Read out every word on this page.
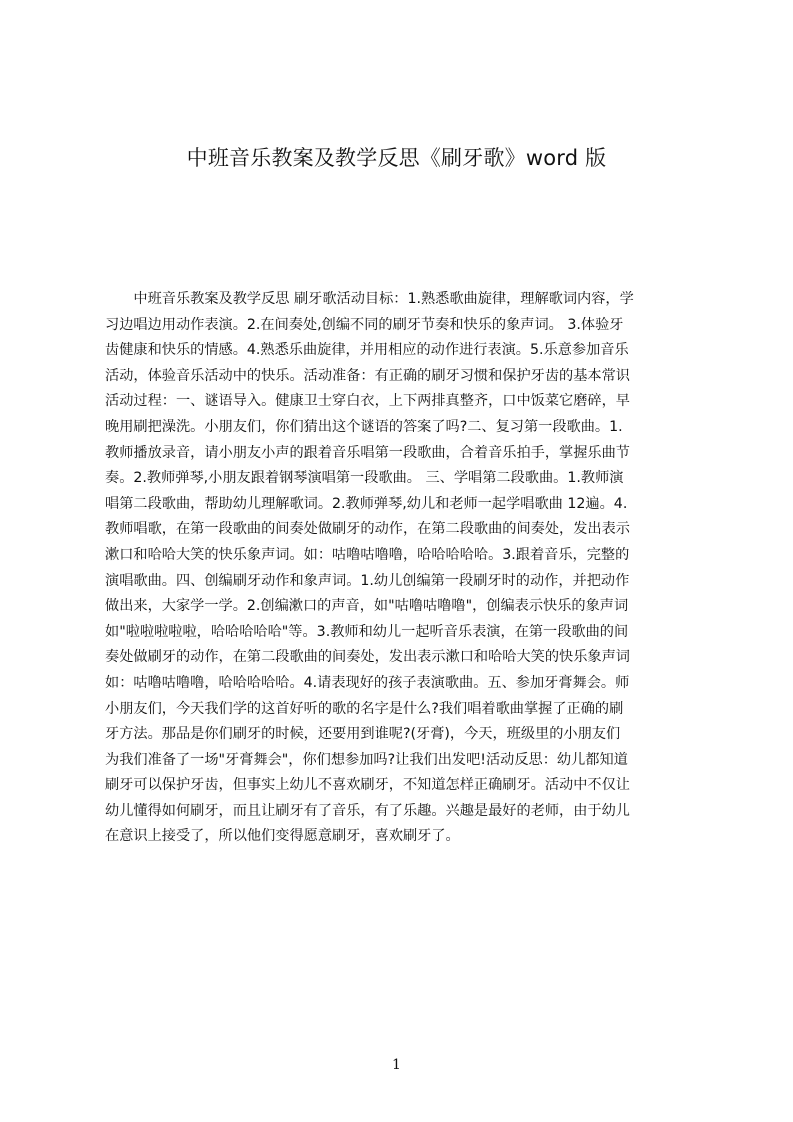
中班音乐教案及教学反思《刷牙歌》word 版
　　中班音乐教案及教学反思 刷牙歌活动目标：1.熟悉歌曲旋律，理解歌词内容，学
习边唱边用动作表演。2.在间奏处,创编不同的刷牙节奏和快乐的象声词。 3.体验牙
齿健康和快乐的情感。4.熟悉乐曲旋律，并用相应的动作进行表演。5.乐意参加音乐
活动，体验音乐活动中的快乐。活动准备：有正确的刷牙习惯和保护牙齿的基本常识
活动过程：一、谜语导入。健康卫士穿白衣，上下两排真整齐，口中饭菜它磨碎，早
晚用刷把澡洗。小朋友们，你们猜出这个谜语的答案了吗?二、复习第一段歌曲。1.
教师播放录音，请小朋友小声的跟着音乐唱第一段歌曲，合着音乐拍手，掌握乐曲节
奏。2.教师弹琴,小朋友跟着钢琴演唱第一段歌曲。 三、学唱第二段歌曲。1.教师演
唱第二段歌曲，帮助幼儿理解歌词。2.教师弹琴,幼儿和老师一起学唱歌曲 12遍。4.
教师唱歌，在第一段歌曲的间奏处做刷牙的动作，在第二段歌曲的间奏处，发出表示
漱口和哈哈大笑的快乐象声词。如：咕噜咕噜噜，哈哈哈哈哈。3.跟着音乐，完整的
演唱歌曲。四、创编刷牙动作和象声词。1.幼儿创编第一段刷牙时的动作，并把动作
做出来，大家学一学。2.创编漱口的声音，如"咕噜咕噜噜"，创编表示快乐的象声词
如"啦啦啦啦啦，哈哈哈哈哈"等。3.教师和幼儿一起听音乐表演，在第一段歌曲的间
奏处做刷牙的动作，在第二段歌曲的间奏处，发出表示漱口和哈哈大笑的快乐象声词
如：咕噜咕噜噜，哈哈哈哈哈。4.请表现好的孩子表演歌曲。五、参加牙膏舞会。师
小朋友们，今天我们学的这首好听的歌的名字是什么?我们唱着歌曲掌握了正确的刷
牙方法。那品是你们刷牙的时候，还要用到谁呢?(牙膏)，今天，班级里的小朋友们
为我们准备了一场"牙膏舞会"，你们想参加吗?让我们出发吧!活动反思：幼儿都知道
刷牙可以保护牙齿，但事实上幼儿不喜欢刷牙，不知道怎样正确刷牙。活动中不仅让
幼儿懂得如何刷牙，而且让刷牙有了音乐，有了乐趣。兴趣是最好的老师，由于幼儿
在意识上接受了，所以他们变得愿意刷牙，喜欢刷牙了。
1
